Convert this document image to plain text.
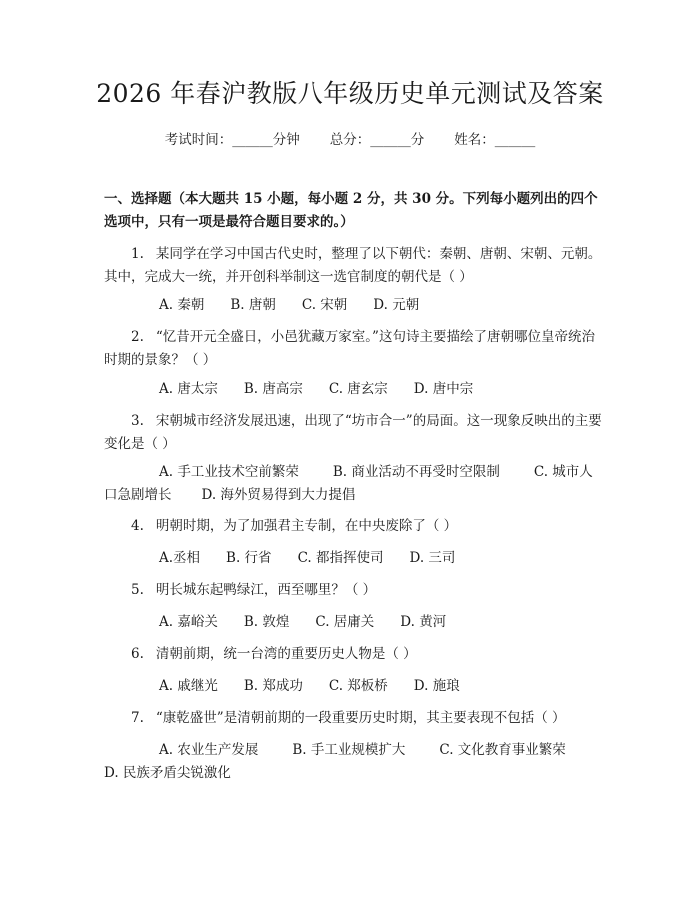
2026 年春沪教版八年级历史单元测试及答案
考试时间：______分钟 总分：______分 姓名：______
一、选择题（本大题共 15 小题，每小题 2 分，共 30 分。下列每小题列出的四个选项中，只有一项是最符合题目要求的。）
1. 某同学在学习中国古代史时，整理了以下朝代：秦朝、唐朝、宋朝、元朝。其中，完成大一统，并开创科举制这一选官制度的朝代是（ ）
A. 秦朝 B. 唐朝 C. 宋朝 D. 元朝
2. “忆昔开元全盛日，小邑犹藏万家室。”这句诗主要描绘了唐朝哪位皇帝统治时期的景象？（ ）
A. 唐太宗 B. 唐高宗 C. 唐玄宗 D. 唐中宗
3. 宋朝城市经济发展迅速，出现了“坊市合一”的局面。这一现象反映出的主要变化是（ ）
A. 手工业技术空前繁荣	B. 商业活动不再受时空限制	C. 城市人口急剧增长 D. 海外贸易得到大力提倡
4. 明朝时期，为了加强君主专制，在中央废除了（ ）
A.丞相 B. 行省 C. 都指挥使司 D. 三司
5. 明长城东起鸭绿江，西至哪里？（ ）
A. 嘉峪关 B. 敦煌 C. 居庸关 D. 黄河
6. 清朝前期，统一台湾的重要历史人物是（ ）
A. 戚继光 B. 郑成功 C. 郑板桥 D. 施琅
7. “康乾盛世”是清朝前期的一段重要历史时期，其主要表现不包括（ ）
A. 农业生产发展	B. 手工业规模扩大	C. 文化教育事业繁荣D. 民族矛盾尖锐激化
